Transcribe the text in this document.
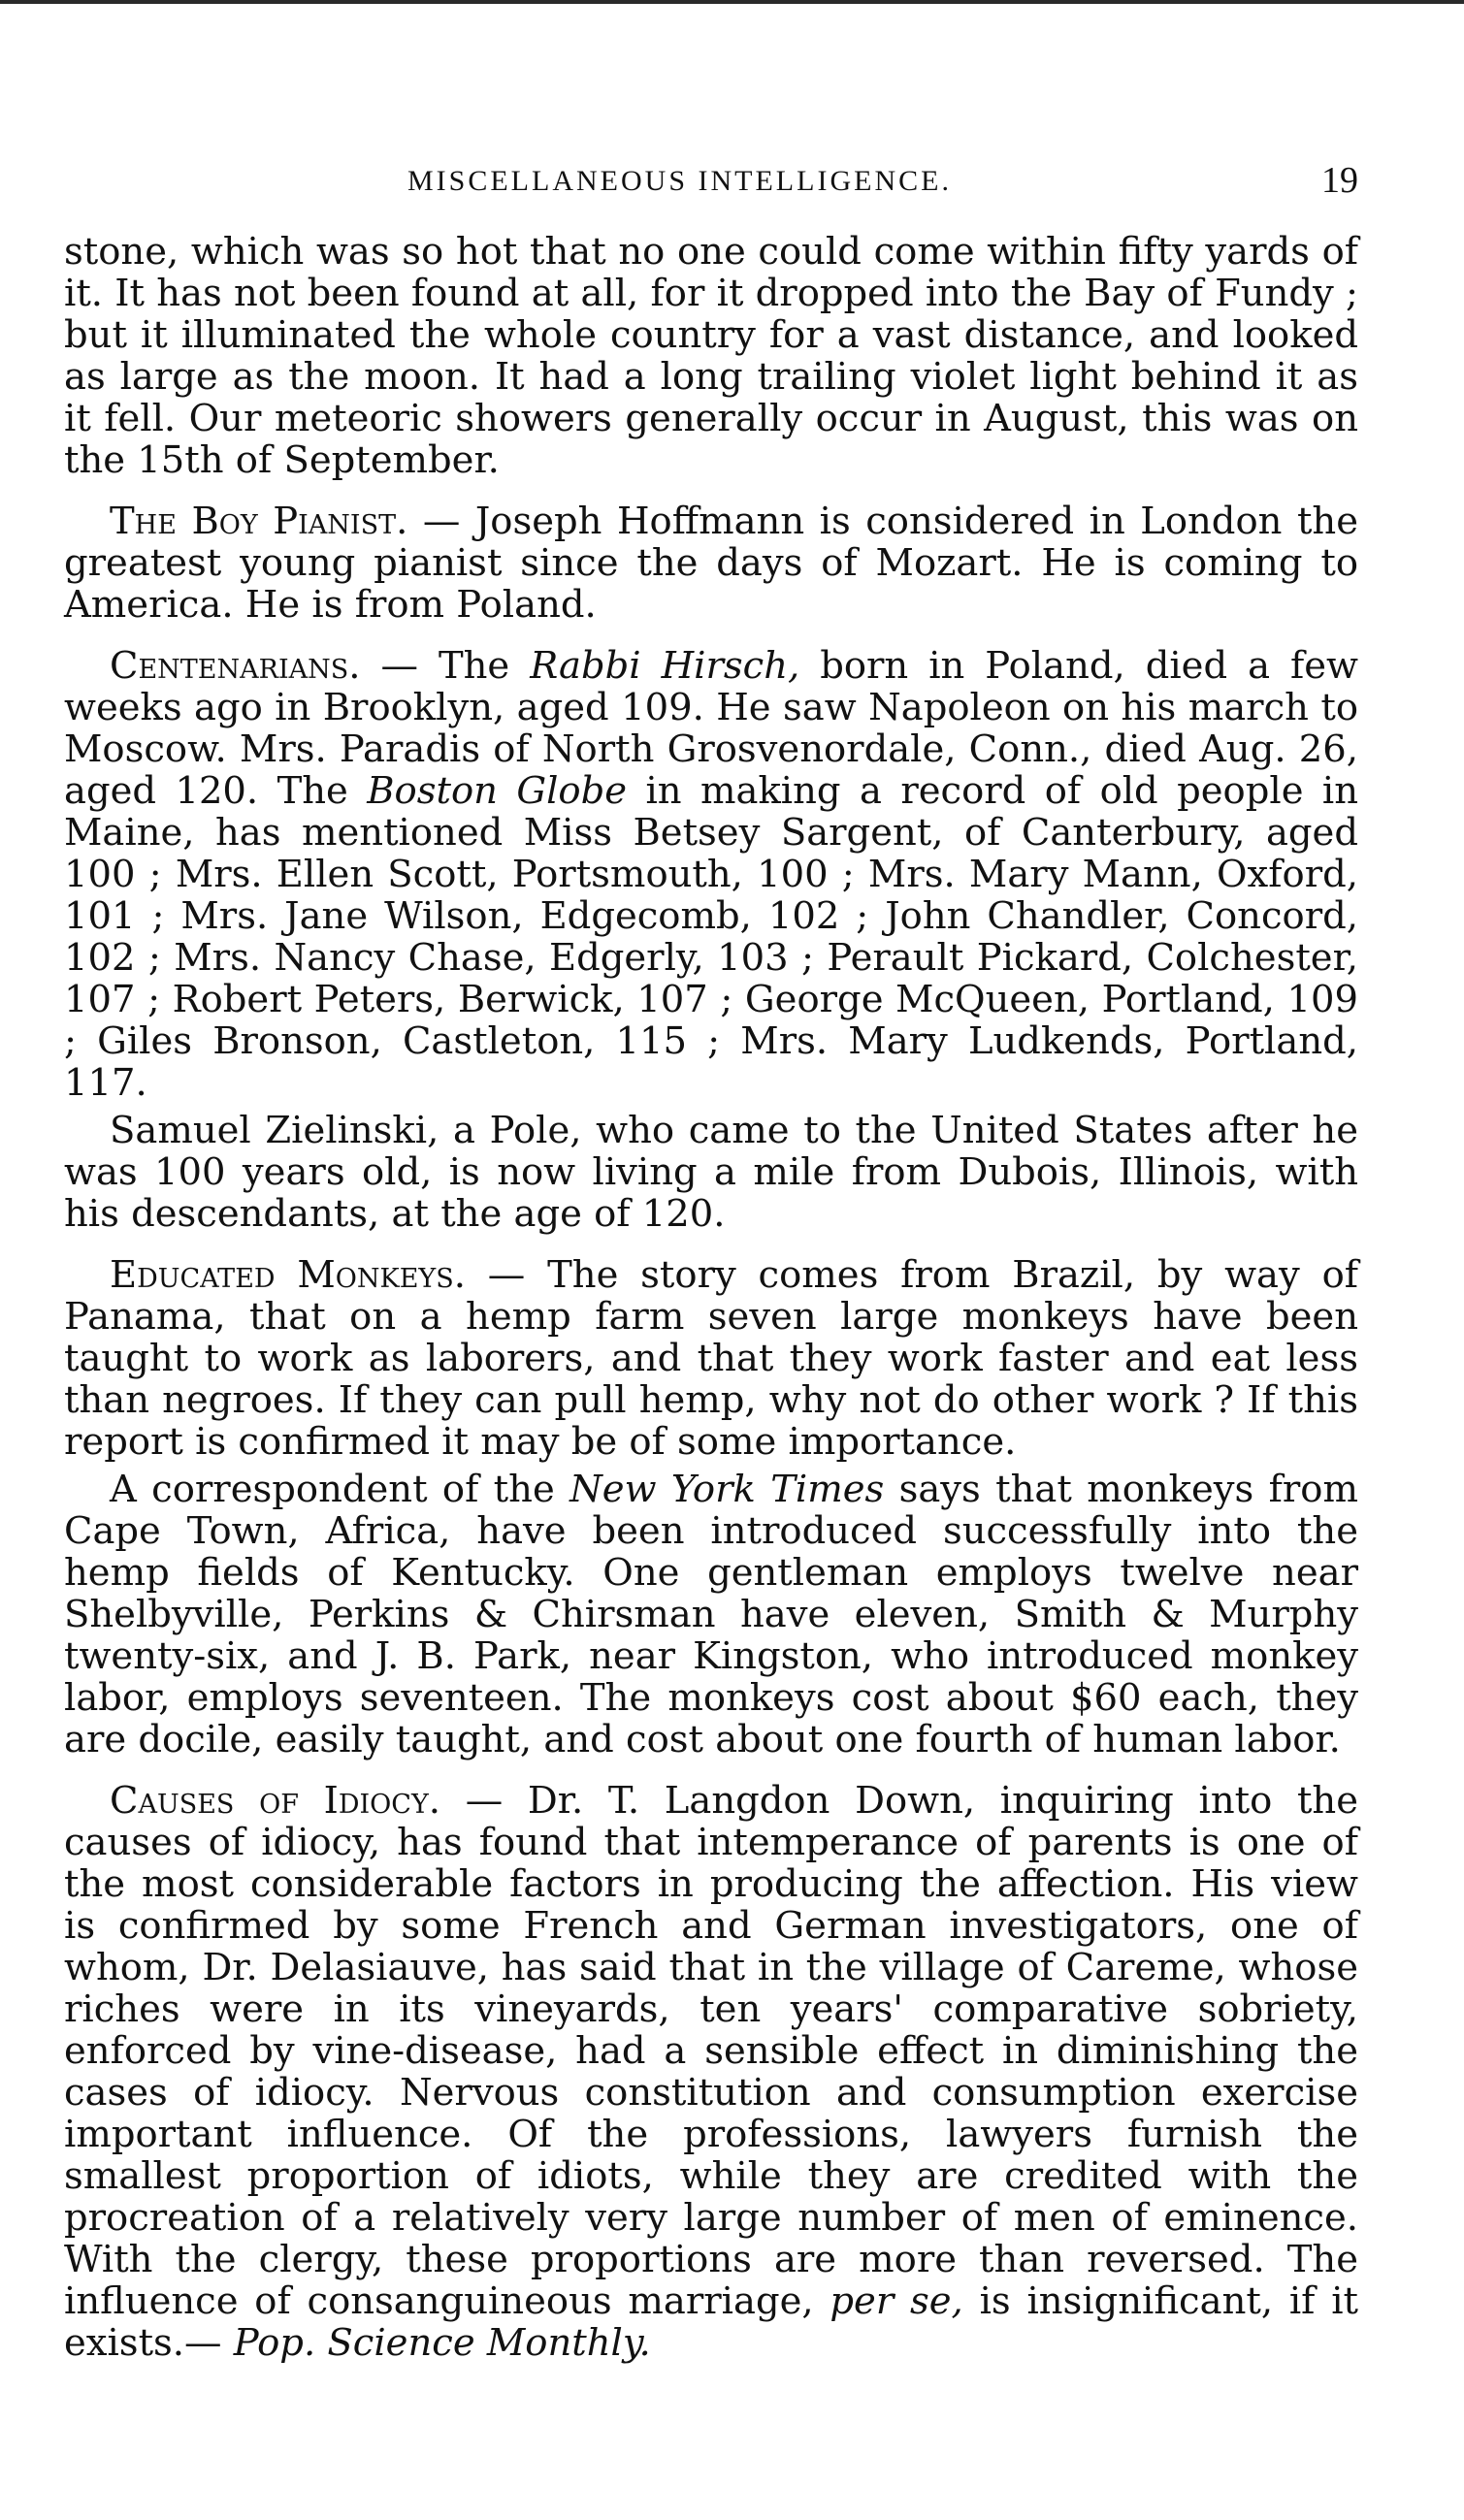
MISCELLANEOUS INTELLIGENCE.	19

stone, which was so hot that no one could come within fifty yards of it. It has not been found at all, for it dropped into the Bay of Fundy ; but it illuminated the whole country for a vast distance, and looked as large as the moon. It had a long trailing violet light behind it as it fell. Our meteoric showers generally occur in August, this was on the 15th of September.

The Boy Pianist. — Joseph Hoffmann is considered in London the greatest young pianist since the days of Mozart. He is coming to America. He is from Poland.

Centenarians. — The Rabbi Hirsch, born in Poland, died a few weeks ago in Brooklyn, aged 109. He saw Napoleon on his march to Moscow. Mrs. Paradis of North Grosvenordale, Conn., died Aug. 26, aged 120. The Boston Globe in making a record of old people in Maine, has mentioned Miss Betsey Sargent, of Canterbury, aged 100 ; Mrs. Ellen Scott, Portsmouth, 100 ; Mrs. Mary Mann, Oxford, 101 ; Mrs. Jane Wilson, Edgecomb, 102 ; John Chandler, Concord, 102 ; Mrs. Nancy Chase, Edgerly, 103 ; Perault Pickard, Colchester, 107 ; Robert Peters, Berwick, 107 ; George McQueen, Portland, 109 ; Giles Bronson, Castleton, 115 ; Mrs. Mary Ludkends, Portland, 117.

Samuel Zielinski, a Pole, who came to the United States after he was 100 years old, is now living a mile from Dubois, Illinois, with his descendants, at the age of 120.

Educated Monkeys. — The story comes from Brazil, by way of Panama, that on a hemp farm seven large monkeys have been taught to work as laborers, and that they work faster and eat less than negroes. If they can pull hemp, why not do other work ? If this report is confirmed it may be of some importance.

A correspondent of the New York Times says that monkeys from Cape Town, Africa, have been introduced successfully into the hemp fields of Kentucky. One gentleman employs twelve near Shelbyville, Perkins & Chirsman have eleven, Smith & Murphy twenty-six, and J. B. Park, near Kingston, who introduced monkey labor, employs seventeen. The monkeys cost about $60 each, they are docile, easily taught, and cost about one fourth of human labor.

Causes of Idiocy. — Dr. T. Langdon Down, inquiring into the causes of idiocy, has found that intemperance of parents is one of the most considerable factors in producing the affection. His view is confirmed by some French and German investigators, one of whom, Dr. Delasiauve, has said that in the village of Careme, whose riches were in its vineyards, ten years' comparative sobriety, enforced by vine-disease, had a sensible effect in diminishing the cases of idiocy. Nervous constitution and consumption exercise important influence. Of the professions, lawyers furnish the smallest proportion of idiots, while they are credited with the procreation of a relatively very large number of men of eminence. With the clergy, these proportions are more than reversed. The influence of consanguineous marriage, per se, is insignificant, if it exists.— Pop. Science Monthly.
